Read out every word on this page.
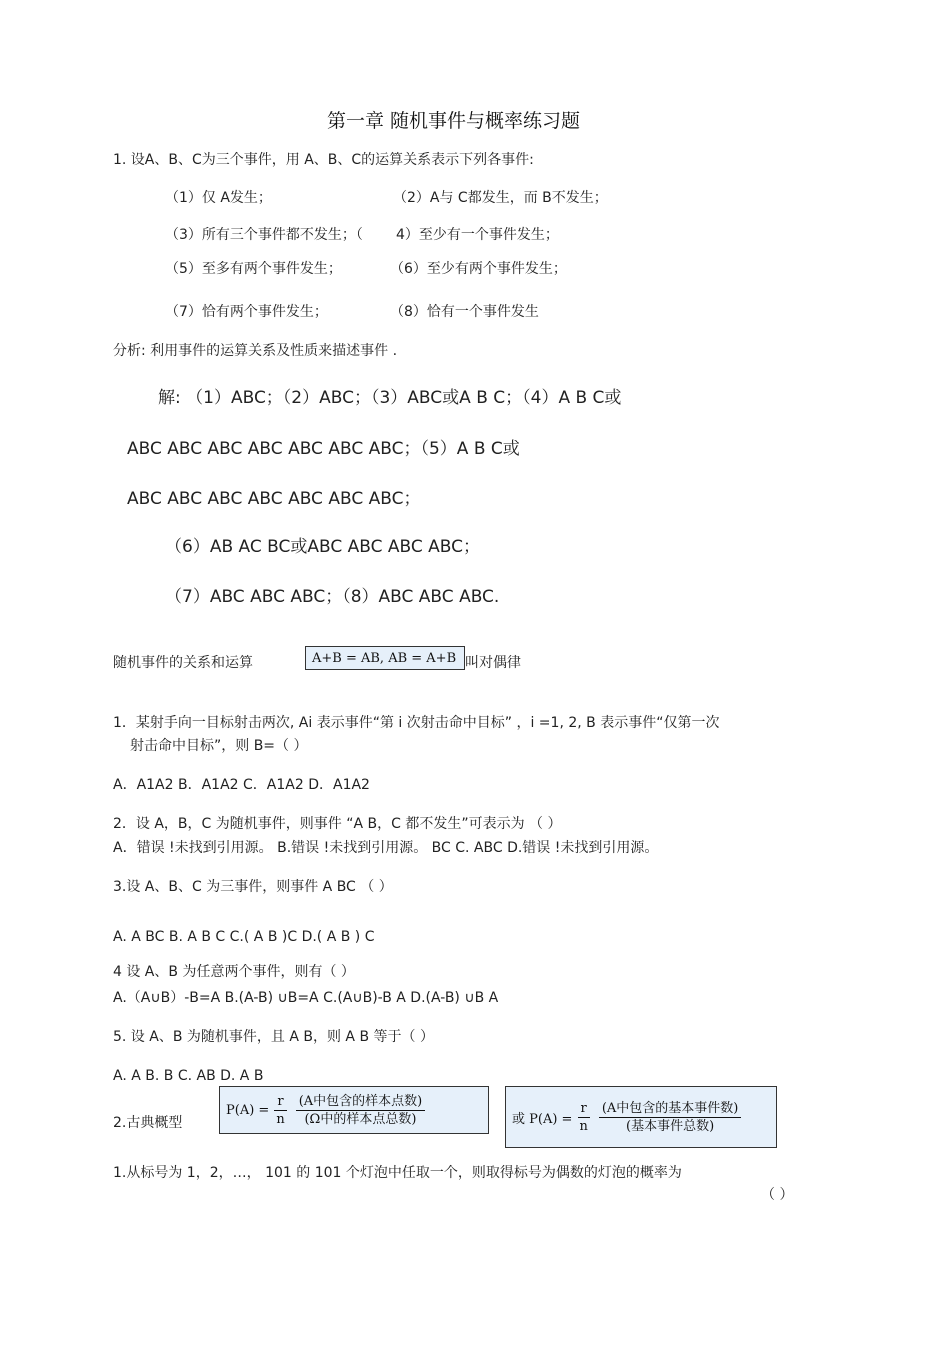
第一章 随机事件与概率练习题
1. 设A、B、C为三个事件，用 A、B、C的运算关系表示下列各事件:
（1）仅 A发生；	（2）A与 C都发生，而 B不发生；
（3）所有三个事件都不发生；（ 4）至少有一个事件发生；
（5）至多有两个事件发生；	（6）至少有两个事件发生；
（7）恰有两个事件发生；	（8）恰有一个事件发生
分析: 利用事件的运算关系及性质来描述事件 .
解: （1）ABC；（2）ABC；（3）ABC或A B C；（4）A B C或
ABC ABC ABC ABC ABC ABC ABC；（5）A B C或
ABC ABC ABC ABC ABC ABC ABC；
（6）AB AC BC或ABC ABC ABC ABC；
（7）ABC ABC ABC；（8）ABC ABC ABC.
随机事件的关系和运算	A+B = AB, AB = A+B 叫对偶律
1．某射手向一目标射击两次, Ai 表示事件“第 i 次射击命中目标” ，i =1, 2, B 表示事件“仅第一次
射击命中目标”，则 B=（ ）
A．A1A2 B．A1A2 C．A1A2 D．A1A2
2．设 A，B，C 为随机事件，则事件 “A B，C 都不发生”可表示为 （ ）
A．错误 !未找到引用源。 B.错误 !未找到引用源。 BC C. ABC D.错误 !未找到引用源。
3.设 A、B、C 为三事件，则事件 A BC （ ）
A. A BC B. A B C C.( A B )C D.( A B ) C
4 设 A、B 为任意两个事件，则有（ ）
A.（A∪B）-B=A B.(A-B) ∪B=A C.(A∪B)-B A D.(A-B) ∪B A
5. 设 A、B 为随机事件，且 A B，则 A B 等于（ ）
A. A B. B C. AB D. A B
2.古典概型
$P(A) = \frac{r}{n} \frac{\text{(A中包含的样本点数)}}{\text{(Ω中的样本点总数)}}$	或 $P(A) = \frac{r}{n} \frac{\text{(A中包含的基本事件数)}}{\text{(基本事件总数)}}$
1.从标号为 1，2，…， 101 的 101 个灯泡中任取一个，则取得标号为偶数的灯泡的概率为
（ ）
